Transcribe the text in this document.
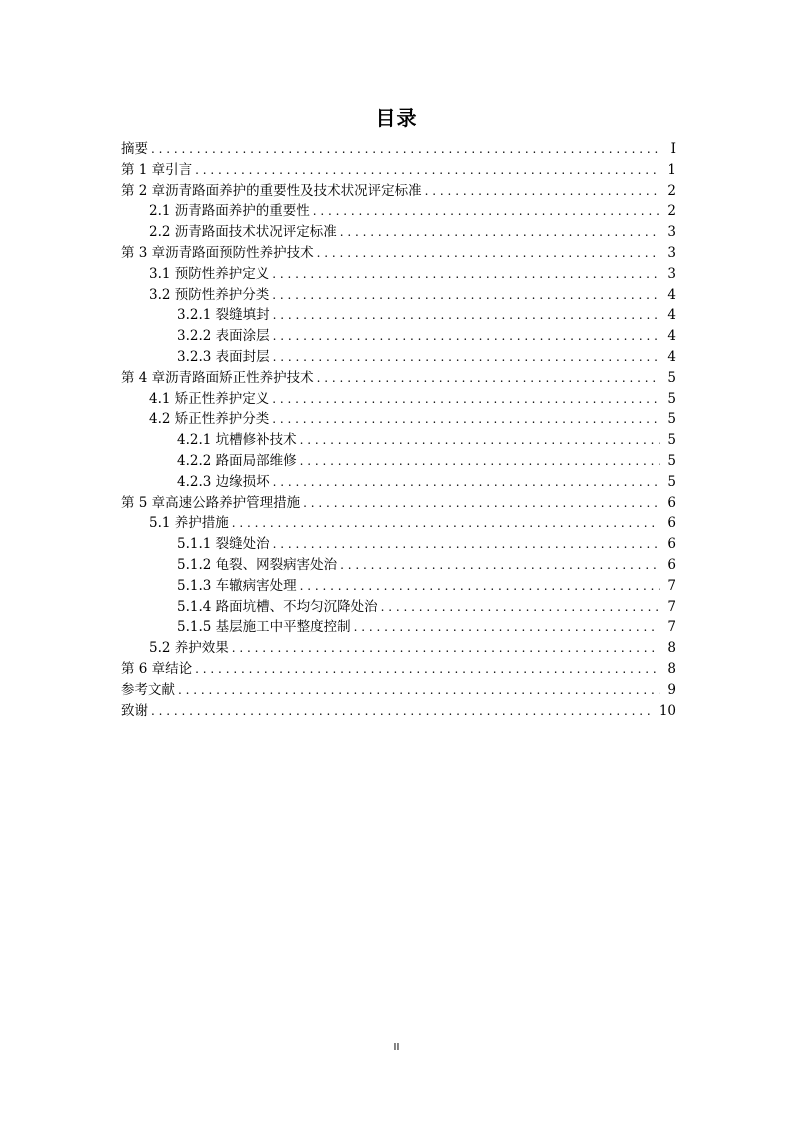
目录
摘要 . . .	I
第 1 章引言 . . .	1
第 2 章沥青路面养护的重要性及技术状况评定标准 . . .	2
2.1 沥青路面养护的重要性 . . .	2
2.2 沥青路面技术状况评定标准 . . .	3
第 3 章沥青路面预防性养护技术 . . .	3
3.1 预防性养护定义 . . .	3
3.2 预防性养护分类 . . .	4
3.2.1 裂缝填封 . . .	4
3.2.2 表面涂层 . . .	4
3.2.3 表面封层 . . .	4
第 4 章沥青路面矫正性养护技术 . . .	5
4.1 矫正性养护定义 . . .	5
4.2 矫正性养护分类 . . .	5
4.2.1 坑槽修补技术 . . .	5
4.2.2 路面局部维修 . . .	5
4.2.3 边缘损坏 . . .	5
第 5 章高速公路养护管理措施 . . .	6
5.1 养护措施 . . .	6
5.1.1 裂缝处治 . . .	6
5.1.2 龟裂、网裂病害处治 . . .	6
5.1.3 车辙病害处理 . . .	7
5.1.4 路面坑槽、不均匀沉降处治 . . .	7
5.1.5 基层施工中平整度控制 . . .	7
5.2 养护效果 . . .	8
第 6 章结论 . . .	8
参考文献 . . .	9
致谢 . . .	10
II
